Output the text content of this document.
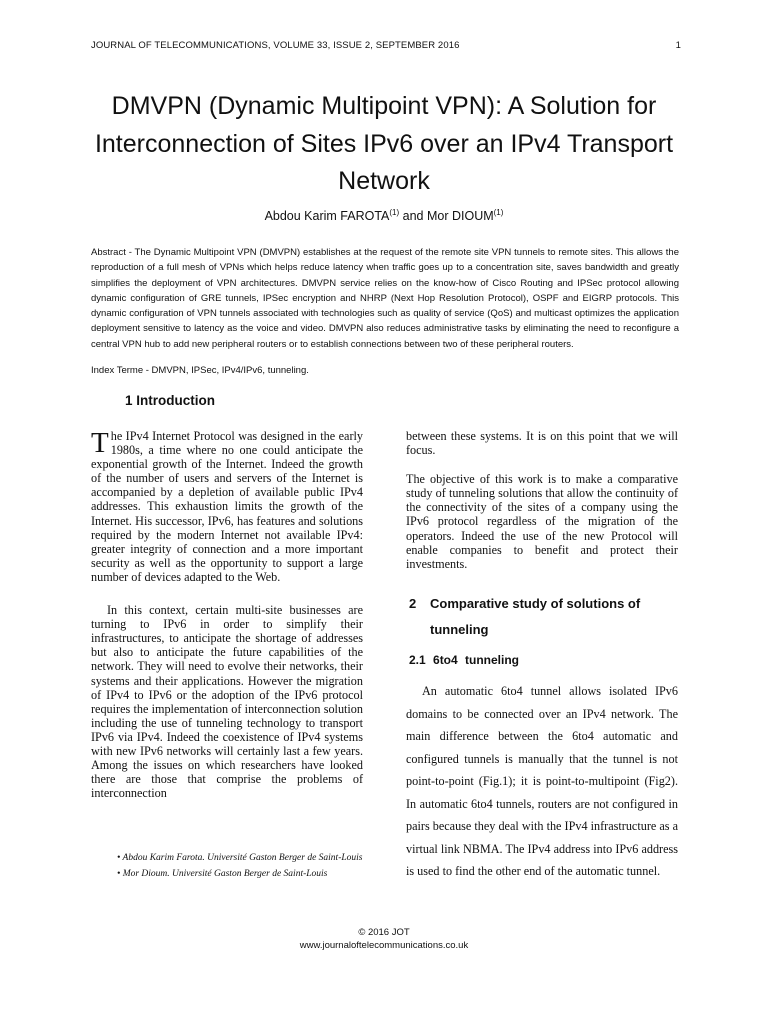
JOURNAL OF TELECOMMUNICATIONS, VOLUME 33, ISSUE 2, SEPTEMBER 2016	1
DMVPN (Dynamic Multipoint VPN): A Solution for Interconnection of Sites IPv6 over an IPv4 Transport Network
Abdou Karim FAROTA$^{(1)}$ and Mor DIOUM$^{(1)}$

Abstract - The Dynamic Multipoint VPN (DMVPN) establishes at the request of the remote site VPN tunnels to remote sites. This allows the reproduction of a full mesh of VPNs which helps reduce latency when traffic goes up to a concentration site, saves bandwidth and greatly simplifies the deployment of VPN architectures. DMVPN service relies on the know-how of Cisco Routing and IPSec protocol allowing dynamic configuration of GRE tunnels, IPSec encryption and NHRP (Next Hop Resolution Protocol), OSPF and EIGRP protocols. This dynamic configuration of VPN tunnels associated with technologies such as quality of service (QoS) and multicast optimizes the application deployment sensitive to latency as the voice and video. DMVPN also reduces administrative tasks by eliminating the need to reconfigure a central VPN hub to add new peripheral routers or to establish connections between two of these peripheral routers.

Index Terme - DMVPN, IPSec, IPv4/IPv6, tunneling.

1 Introduction

The IPv4 Internet Protocol was designed in the early 1980s, a time where no one could anticipate the exponential growth of the Internet. Indeed the growth of the number of users and servers of the Internet is accompanied by a depletion of available public IPv4 addresses. This exhaustion limits the growth of the Internet. His successor, IPv6, has features and solutions required by the modern Internet not available IPv4: greater integrity of connection and a more important security as well as the opportunity to support a large number of devices adapted to the Web.

In this context, certain multi-site businesses are turning to IPv6 in order to simplify their infrastructures, to anticipate the shortage of addresses but also to anticipate the future capabilities of the network. They will need to evolve their networks, their systems and their applications. However the migration of IPv4 to IPv6 or the adoption of the IPv6 protocol requires the implementation of interconnection solution including the use of tunneling technology to transport IPv6 via IPv4. Indeed the coexistence of IPv4 systems with new IPv6 networks will certainly last a few years. Among the issues on which researchers have looked there are those that comprise the problems of interconnection

between these systems. It is on this point that we will focus.

The objective of this work is to make a comparative study of tunneling solutions that allow the continuity of the connectivity of the sites of a company using the IPv6 protocol regardless of the migration of the operators. Indeed the use of the new Protocol will enable companies to benefit and protect their investments.

2 Comparative study of solutions of
tunneling
2.1 6to4 tunneling

An automatic 6to4 tunnel allows isolated IPv6 domains to be connected over an IPv4 network. The main difference between the 6to4 automatic and configured tunnels is manually that the tunnel is not point-to-point (Fig.1); it is point-to-multipoint (Fig2). In automatic 6to4 tunnels, routers are not configured in pairs because they deal with the IPv4 infrastructure as a virtual link NBMA. The IPv4 address into IPv6 address is used to find the other end of the automatic tunnel.

• Abdou Karim Farota. Université Gaston Berger de Saint-Louis
• Mor Dioum. Université Gaston Berger de Saint-Louis
© 2016 JOT
www.journaloftelecommunications.co.uk
